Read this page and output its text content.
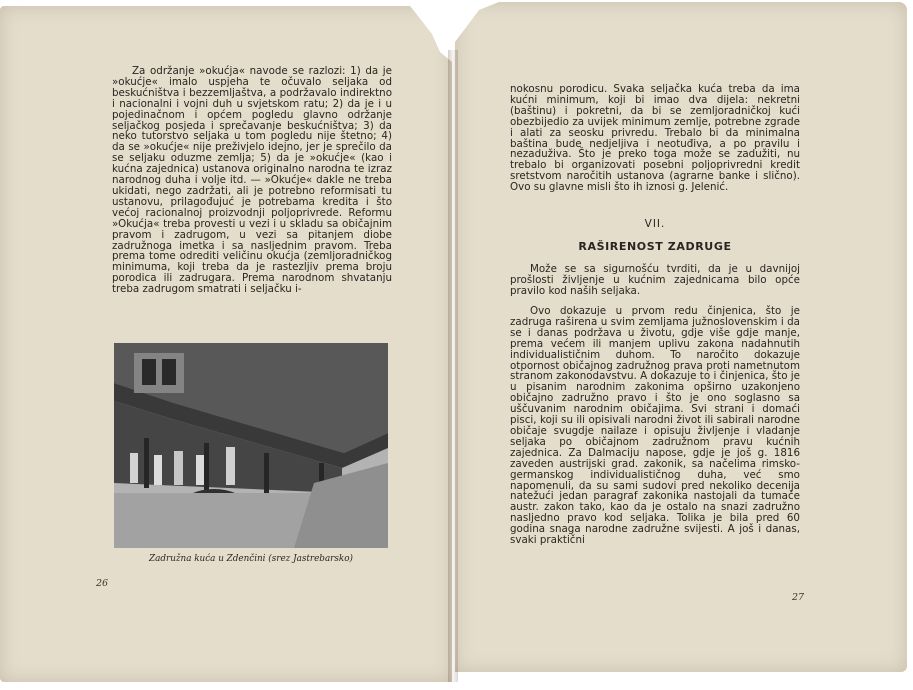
Za održanje »okućja« navode se razlozi: 1) da je »okućje« imalo uspjeha te očuvalo seljaka od beskućništva i bezzemljaštva, a podržavalo indirektno i nacionalni i vojni duh u svjetskom ratu; 2) da je i u pojedinačnom i općem pogledu glavno održanje seljačkog posjeda i sprečavanje beskućništva; 3) da neko tutorstvo seljaka u tom pogledu nije štetno; 4) da se »okućje« nije preživjelo idejno, jer je sprečilo da se seljaku oduzme zemlja; 5) da je »okućje« (kao i kućna zajednica) ustanova originalno narodna te izraz narodnog duha i volje itd. — »Okućje« dakle ne treba ukidati, nego zadržati, ali je potrebno reformisati tu ustanovu, prilagođujuć je potrebama kredita i što većoj racionalnoj proizvodnji poljoprivrede. Reformu »Okućja« treba provesti u vezi i u skladu sa običajnim pravom i zadrugom, u vezi sa pitanjem diobe zadružnoga imetka i sa nasljednim pravom. Treba prema tome odrediti veličinu okućja (zemljoradničkog minimuma, koji treba da je rastezljiv prema broju porodica ili zadrugara. Prema narodnom shvatanju treba zadrugom smatrati i seljačku i-

Zadružna kuća u Zdenčini (srez Jastrebarsko)
26

nokosnu porodicu. Svaka seljačka kuća treba da ima kućni minimum, koji bi imao dva dijela: nekretni (baštinu) i pokretni, da bi se zemljoradničkoj kući obezbijedio za uvijek minimum zemlje, potrebne zgrade i alati za seosku privredu. Trebalo bi da minimalna baština bude nedjeljiva i neotuđiva, a po pravilu i nezaduživa. Što je preko toga može se zadužiti, nu trebalo bi organizovati posebni poljoprivredni kredit sretstvom naročitih ustanova (agrarne banke i slično). Ovo su glavne misli što ih iznosi g. Jelenić.

VII.
RAŠIRENOST ZADRUGE

Može se sa sigurnošću tvrditi, da je u davnijoj prošlosti življenje u kućnim zajednicama bilo opće pravilo kod naših seljaka.

Ovo dokazuje u prvom redu činjenica, što je zadruga raširena u svim zemljama južnoslovenskim i da se i danas podržava u životu, gdje više gdje manje, prema većem ili manjem uplivu zakona nadahnutih individualističnim duhom. To naročito dokazuje otpornost običajnog zadružnog prava proti nametnutom stranom zakonodavstvu. A dokazuje to i činjenica, što je u pisanim narodnim zakonima opširno uzakonjeno običajno zadružno pravo i što je ono soglasno sa uščuvanim narodnim običajima. Svi strani i domaći pisci, koji su ili opisivali narodni život ili sabirali narodne običaje svugdje nailaze i opisuju življenje i vladanje seljaka po običajnom zadružnom pravu kućnih zajednica. Za Dalmaciju napose, gdje je još g. 1816 zaveden austrijski grad. zakonik, sa načelima rimsko-germanskog individualističnog duha, već smo napomenuli, da su sami sudovi pred nekoliko decenija natežući jedan paragraf zakonika nastojali da tumače austr. zakon tako, kao da je ostalo na snazi zadružno nasljedno pravo kod seljaka. Tolika je bila pred 60 godina snaga narodne zadružne svijesti. A još i danas, svaki praktični

27
